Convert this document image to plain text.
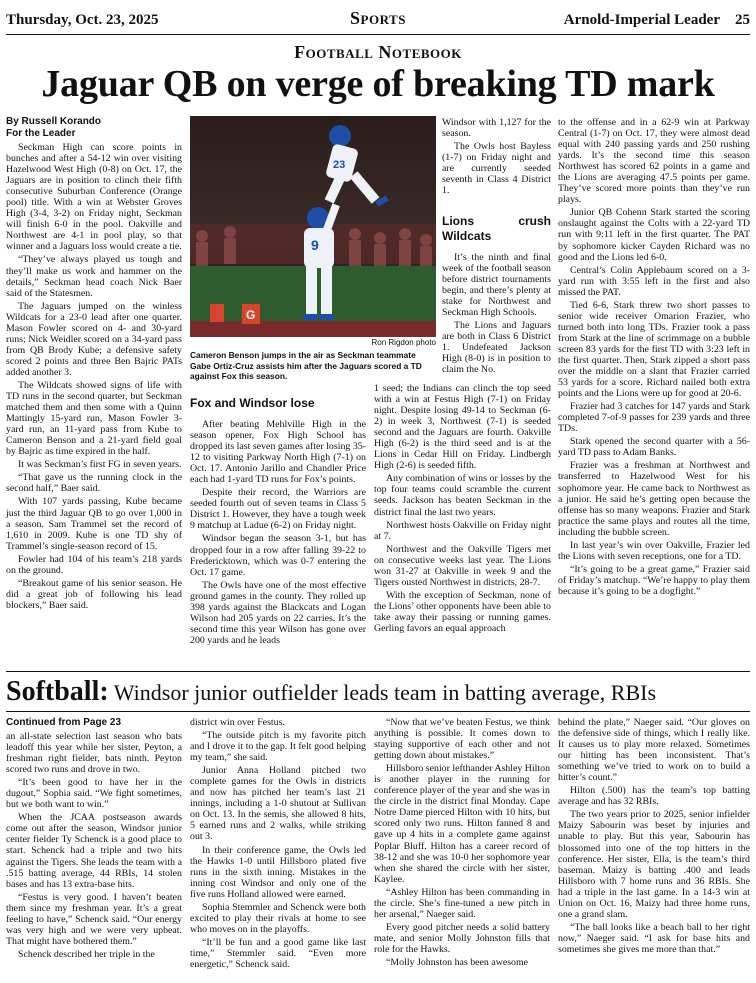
Thursday, Oct. 23, 2025	Sports	Arnold-Imperial Leader 25
Football Notebook
Jaguar QB on verge of breaking TD mark

By Russell Korando
For the Leader

Seckman High can score points in bunches and after a 54-12 win over visiting Hazelwood West High (0-8) on Oct. 17, the Jaguars are in position to clinch their fifth consecutive Suburban Conference (Orange pool) title. With a win at Webster Groves High (3-4, 3-2) on Friday night, Seckman will finish 6-0 in the pool. Oakville and Northwest are 4-1 in pool play, so that winner and a Jaguars loss would create a tie.

“They’ve always played us tough and they’ll make us work and hammer on the details,” Seckman head coach Nick Baer said of the Statesmen.

The Jaguars jumped on the winless Wildcats for a 23-0 lead after one quarter. Mason Fowler scored on 4- and 30-yard runs; Nick Weidler scored on a 34-yard pass from QB Brody Kube; a defensive safety scored 2 points and three Ben Bajric PATs added another 3.

The Wildcats showed signs of life with TD runs in the second quarter, but Seckman matched them and then some with a Quinn Mattingly 15-yard run, Mason Fowler 3-yard run, an 11-yard pass from Kube to Cameron Benson and a 21-yard field goal by Bajric as time expired in the half.

It was Seckman’s first FG in seven years.

“That gave us the running clock in the second half,” Baer said.

With 107 yards passing, Kube became just the third Jaguar QB to go over 1,000 in a season. Sam Trammel set the record of 1,610 in 2009. Kube is one TD shy of Trammel’s single-season record of 15.

Fowler had 104 of his team’s 218 yards on the ground.

“Breakout game of his senior season. He did a great job of following his lead blockers,” Baer said.

G
9
23
Ron Rigdon photo
Cameron Benson jumps in the air as Seckman teammate Gabe Ortiz-Cruz assists him after the Jaguars scored a TD against Fox this season.
Fox and Windsor lose

After beating Mehlville High in the season opener, Fox High School has dropped its last seven games after losing 35-12 to visiting Parkway North High (7-1) on Oct. 17. Antonio Jarillo and Chandler Price each had 1-yard TD runs for Fox’s points.

Despite their record, the Warriors are seeded fourth out of seven teams in Class 5 District 1. However, they have a tough week 9 matchup at Ladue (6-2) on Friday night.

Windsor began the season 3-1, but has dropped four in a row after falling 39-22 to Fredericktown, which was 0-7 entering the Oct. 17 game.

The Owls have one of the most effective ground games in the county. They rolled up 398 yards against the Blackcats and Logan Wilson had 205 yards on 22 carries. It’s the second time this year Wilson has gone over 200 yards and he leads

Windsor with 1,127 for the season.

The Owls host Bayless (1-7) on Friday night and are currently seeded seventh in Class 4 District 1.

Lions crush Wildcats

It’s the ninth and final week of the football season before district tournaments begin, and there’s plenty at stake for Northwest and Seckman High Schools.

The Lions and Jaguars are both in Class 6 District 1. Undefeated Jackson High (8-0) is in position to claim the No.

1 seed; the Indians can clinch the top seed with a win at Festus High (7-1) on Friday night. Despite losing 49-14 to Seckman (6-2) in week 3, Northwest (7-1) is seeded second and the Jaguars are fourth. Oakville High (6-2) is the third seed and is at the Lions in Cedar Hill on Friday. Lindbergh High (2-6) is seeded fifth.

Any combination of wins or losses by the top four teams could scramble the current seeds. Jackson has beaten Seckman in the district final the last two years.

Northwest hosts Oakville on Friday night at 7.

Northwest and the Oakville Tigers met on consecutive weeks last year. The Lions won 31-27 at Oakville in week 9 and the Tigers ousted Northwest in districts, 28-7.

With the exception of Seckman, none of the Lions’ other opponents have been able to take away their passing or running games. Gerling favors an equal approach

to the offense and in a 62-9 win at Parkway Central (1-7) on Oct. 17, they were almost dead equal with 240 passing yards and 250 rushing yards. It’s the second time this season Northwest has scored 62 points in a game and the Lions are averaging 47.5 points per game. They’ve scored more points than they’ve run plays.

Junior QB Cohenn Stark started the scoring onslaught against the Colts with a 22-yard TD run with 9:11 left in the first quarter. The PAT by sophomore kicker Cayden Richard was no good and the Lions led 6-0.

Central’s Colin Applebaum scored on a 3-yard run with 3:55 left in the first and also missed the PAT.

Tied 6-6, Stark threw two short passes to senior wide receiver Omarion Frazier, who turned both into long TDs. Frazier took a pass from Stark at the line of scrimmage on a bubble screen 83 yards for the first TD with 3:23 left in the first quarter. Then, Stark zipped a short pass over the middle on a slant that Frazier carried 53 yards for a score. Richard nailed both extra points and the Lions were up for good at 20-6.

Frazier had 3 catches for 147 yards and Stark completed 7-of-9 passes for 239 yards and three TDs.

Stark opened the second quarter with a 56-yard TD pass to Adam Banks.

Frazier was a freshman at Northwest and transferred to Hazelwood West for his sophomore year. He came back to Northwest as a junior. He said he’s getting open because the offense has so many weapons. Frazier and Stark practice the same plays and routes all the time, including the bubble screen.

In last year’s win over Oakville, Frazier led the Lions with seven receptions, one for a TD.

“It’s going to be a great game,” Frazier said of Friday’s matchup. “We’re happy to play them because it’s going to be a dogfight.”

Softball: Windsor junior outfielder leads team in batting average, RBIs

Continued from Page 23

an all-state selection last season who bats leadoff this year while her sister, Peyton, a freshman right fielder, bats ninth. Peyton scored two runs and drove in two.

“It’s been good to have her in the dugout,” Sophia said. “We fight sometimes, but we both want to win.”

When the JCAA postseason awards come out after the season, Windsor junior center fielder Ty Schenck is a good place to start. Schenck had a triple and two hits against the Tigers. She leads the team with a .515 batting average, 44 RBIs, 14 stolen bases and has 13 extra-base hits.

“Festus is very good. I haven’t beaten them since my freshman year. It’s a great feeling to have,” Schenck said. “Our energy was very high and we were very upbeat. That might have bothered them.”

Schenck described her triple in the

district win over Festus.

“The outside pitch is my favorite pitch and I drove it to the gap. It felt good helping my team,” she said.

Junior Anna Holland pitched two complete games for the Owls in districts and now has pitched her team’s last 21 innings, including a 1-0 shutout at Sullivan on Oct. 13. In the semis, she allowed 8 hits, 5 earned runs and 2 walks, while striking out 3.

In their conference game, the Owls led the Hawks 1-0 until Hillsboro plated five runs in the sixth inning. Mistakes in the inning cost Windsor and only one of the five runs Holland allowed were earned.

Sophia Stemmler and Schenck were both excited to play their rivals at home to see who moves on in the playoffs.

“It’ll be fun and a good game like last time,” Stemmler said. “Even more energetic,” Schenck said.

“Now that we’ve beaten Festus, we think anything is possible. It comes down to staying supportive of each other and not getting down about mistakes.”

Hillsboro senior lefthander Ashley Hilton is another player in the running for conference player of the year and she was in the circle in the district final Monday. Cape Notre Dame pierced Hilton with 10 hits, but scored only two runs. Hilton fanned 8 and gave up 4 hits in a complete game against Poplar Bluff. Hilton has a career record of 38-12 and she was 10-0 her sophomore year when she shared the circle with her sister, Kaylee.

“Ashley Hilton has been commanding in the circle. She’s fine-tuned a new pitch in her arsenal,” Naeger said.

Every good pitcher needs a solid battery mate, and senior Molly Johnston fills that role for the Hawks.

“Molly Johnston has been awesome

behind the plate,” Naeger said. “Our gloves on the defensive side of things, which I really like. It causes us to play more relaxed. Sometimes our hitting has been inconsistent. That’s something we’ve tried to work on to build a hitter’s count.”

Hilton (.500) has the team’s top batting average and has 32 RBIs.

The two years prior to 2025, senior infielder Maizy Sabourin was beset by injuries and unable to play. But this year, Sabourin has blossomed into one of the top hitters in the conference. Her sister, Ella, is the team’s third baseman. Maizy is batting .400 and leads Hillsboro with 7 home runs and 36 RBIs. She had a triple in the last game. In a 14-3 win at Union on Oct. 16, Maizy had three home runs, one a grand slam.

“The ball looks like a beach ball to her right now,” Naeger said. “I ask for base hits and sometimes she gives me more than that.”
